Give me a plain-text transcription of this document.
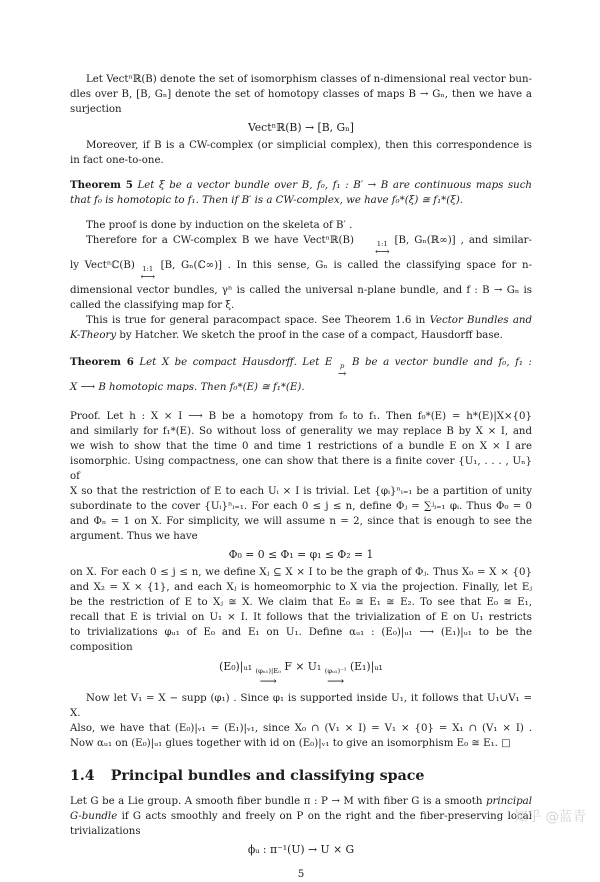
Let Vectⁿℝ(B) denote the set of isomorphism classes of n-dimensional real vector bun-
dles over B, [B, Gₙ] denote the set of homotopy classes of maps B → Gₙ, then we have a
surjection
Vectⁿℝ(B) → [B, Gₙ]
Moreover, if B is a CW-complex (or simplicial complex), then this correspondence is
in fact one-to-one.
Theorem 5 Let ξ be a vector bundle over B, f₀, f₁ : B′ → B are continuous maps such
that f₀ is homotopic to f₁. Then if B′ is a CW-complex, we have f₀*(ξ) ≅ f₁*(ξ).
The proof is done by induction on the skeleta of B′ .
Therefore for a CW-complex B we have Vectⁿℝ(B)	1:1
⟷
[B, Gₙ(ℝ∞)] , and similar-
ly Vectⁿℂ(B) 1:1
⟷
[B, Gₙ(ℂ∞)] . In this sense, Gₙ is called the classifying space for n-
dimensional vector bundles, γⁿ is called the universal n-plane bundle, and f : B → Gₙ is
called the classifying map for ξ.
This is true for general paracompact space. See Theorem 1.6 in Vector Bundles and
K-Theory by Hatcher. We sketch the proof in the case of a compact, Hausdorff base.
Theorem 6 Let X be compact Hausdorff. Let E p
→
B be a vector bundle and f₀, f₁ :
X ⟶ B homotopic maps. Then f₀*(E) ≅ f₁*(E).
Proof. Let h : X × I ⟶ B be a homotopy from f₀ to f₁. Then f₀*(E) = h*(E)|X×{0}
and similarly for f₁*(E). So without loss of generality we may replace B by X × I, and
we wish to show that the time 0 and time 1 restrictions of a bundle E on X × I are
isomorphic. Using compactness, one can show that there is a finite cover {U₁, . . . , Uₙ} of
X so that the restriction of E to each Uᵢ × I is trivial. Let {φᵢ}ⁿᵢ₌₁ be a partition of unity
subordinate to the cover {Uᵢ}ⁿᵢ₌₁. For each 0 ≤ j ≤ n, define Φⱼ = ∑ʲᵢ₌₁ φᵢ. Thus Φ₀ = 0
and Φₙ = 1 on X. For simplicity, we will assume n = 2, since that is enough to see the
argument. Thus we have
Φ₀ = 0 ≤ Φ₁ = φ₁ ≤ Φ₂ = 1
on X. For each 0 ≤ j ≤ n, we define Xⱼ ⊆ X × I to be the graph of Φⱼ. Thus X₀ = X × {0}
and X₂ = X × {1}, and each Xⱼ is homeomorphic to X via the projection. Finally, let Eⱼ
be the restriction of E to Xⱼ ≅ X. We claim that E₀ ≅ E₁ ≅ E₂. To see that E₀ ≅ E₁,
recall that E is trivial on U₁ × I. It follows that the trivialization of E on U₁ restricts
to trivializations φᵤ₁ of E₀ and E₁ on U₁. Define αᵤ₁ : (E₀)|ᵤ₁ ⟶ (E₁)|ᵤ₁ to be the
composition
(E₀)|ᵤ₁ (φᵤ₁)|E₀
⟶
F × U₁ (φᵤ₁)⁻¹
⟶
(E₁)|ᵤ₁
Now let V₁ = X − supp (φ₁) . Since φ₁ is supported inside U₁, it follows that U₁∪V₁ = X.
Also, we have that (E₀)|ᵥ₁ = (E₁)|ᵥ₁, since X₀ ∩ (V₁ × I) = V₁ × {0} = X₁ ∩ (V₁ × I) .
Now αᵤ₁ on (E₀)|ᵤ₁ glues together with id on (E₀)|ᵥ₁ to give an isomorphism E₀ ≅ E₁. □
1.4 Principal bundles and classifying space
Let G be a Lie group. A smooth fiber bundle π : P → M with fiber G is a smooth principal
G-bundle if G acts smoothly and freely on P on the right and the fiber-preserving local
trivializations
ϕᵤ : π⁻¹(U) → U × G
5
知乎 @蓝青
